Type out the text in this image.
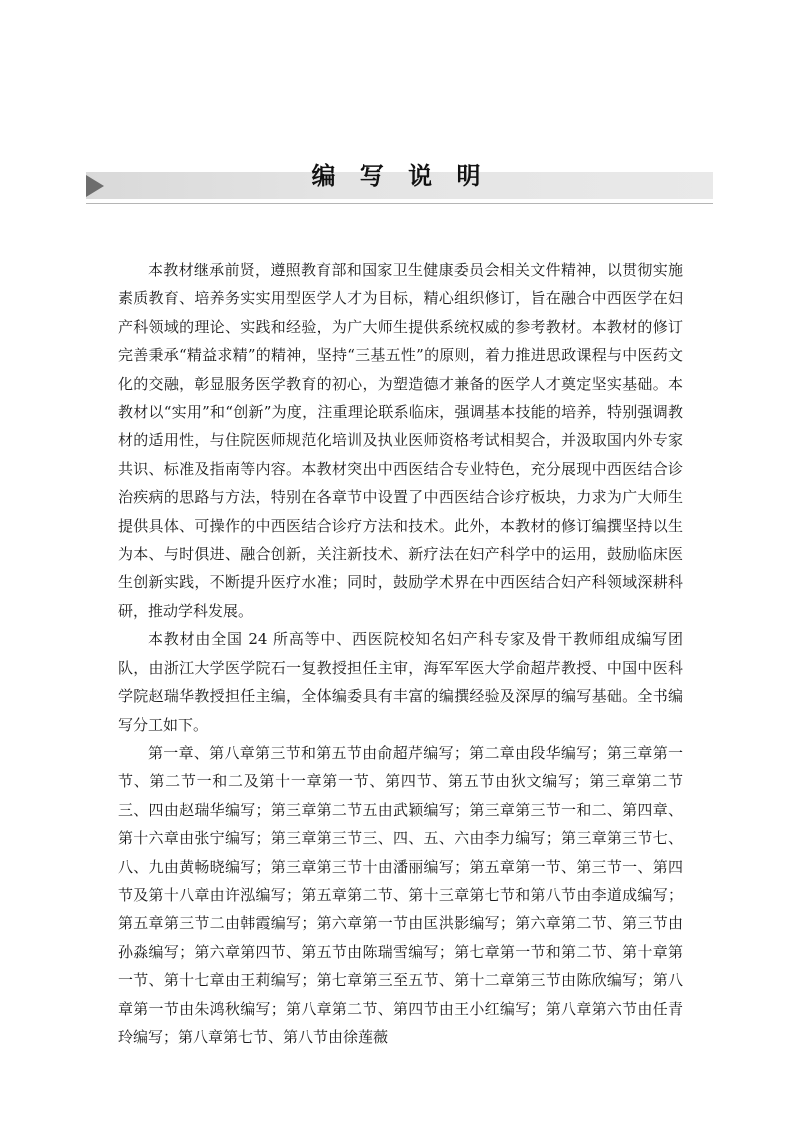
编 写 说 明

本教材继承前贤，遵照教育部和国家卫生健康委员会相关文件精神，以贯彻实施素质教育、培养务实实用型医学人才为目标，精心组织修订，旨在融合中西医学在妇产科领域的理论、实践和经验，为广大师生提供系统权威的参考教材。本教材的修订完善秉承“精益求精”的精神，坚持“三基五性”的原则，着力推进思政课程与中医药文化的交融，彰显服务医学教育的初心，为塑造德才兼备的医学人才奠定坚实基础。本教材以“实用”和“创新”为度，注重理论联系临床，强调基本技能的培养，特别强调教材的适用性，与住院医师规范化培训及执业医师资格考试相契合，并汲取国内外专家共识、标准及指南等内容。本教材突出中西医结合专业特色，充分展现中西医结合诊治疾病的思路与方法，特别在各章节中设置了中西医结合诊疗板块，力求为广大师生提供具体、可操作的中西医结合诊疗方法和技术。此外，本教材的修订编撰坚持以生为本、与时俱进、融合创新，关注新技术、新疗法在妇产科学中的运用，鼓励临床医生创新实践，不断提升医疗水准；同时，鼓励学术界在中西医结合妇产科领域深耕科研，推动学科发展。

本教材由全国 24 所高等中、西医院校知名妇产科专家及骨干教师组成编写团队，由浙江大学医学院石一复教授担任主审，海军军医大学俞超芹教授、中国中医科学院赵瑞华教授担任主编，全体编委具有丰富的编撰经验及深厚的编写基础。全书编写分工如下。

第一章、第八章第三节和第五节由俞超芹编写；第二章由段华编写；第三章第一节、第二节一和二及第十一章第一节、第四节、第五节由狄文编写；第三章第二节三、四由赵瑞华编写；第三章第二节五由武颖编写；第三章第三节一和二、第四章、第十六章由张宁编写；第三章第三节三、四、五、六由李力编写；第三章第三节七、八、九由黄畅晓编写；第三章第三节十由潘丽编写；第五章第一节、第三节一、第四节及第十八章由许泓编写；第五章第二节、第十三章第七节和第八节由李道成编写；第五章第三节二由韩霞编写；第六章第一节由匡洪影编写；第六章第二节、第三节由孙淼编写；第六章第四节、第五节由陈瑞雪编写；第七章第一节和第二节、第十章第一节、第十七章由王莉编写；第七章第三至五节、第十二章第三节由陈欣编写；第八章第一节由朱鸿秋编写；第八章第二节、第四节由王小红编写；第八章第六节由任青玲编写；第八章第七节、第八节由徐莲薇
